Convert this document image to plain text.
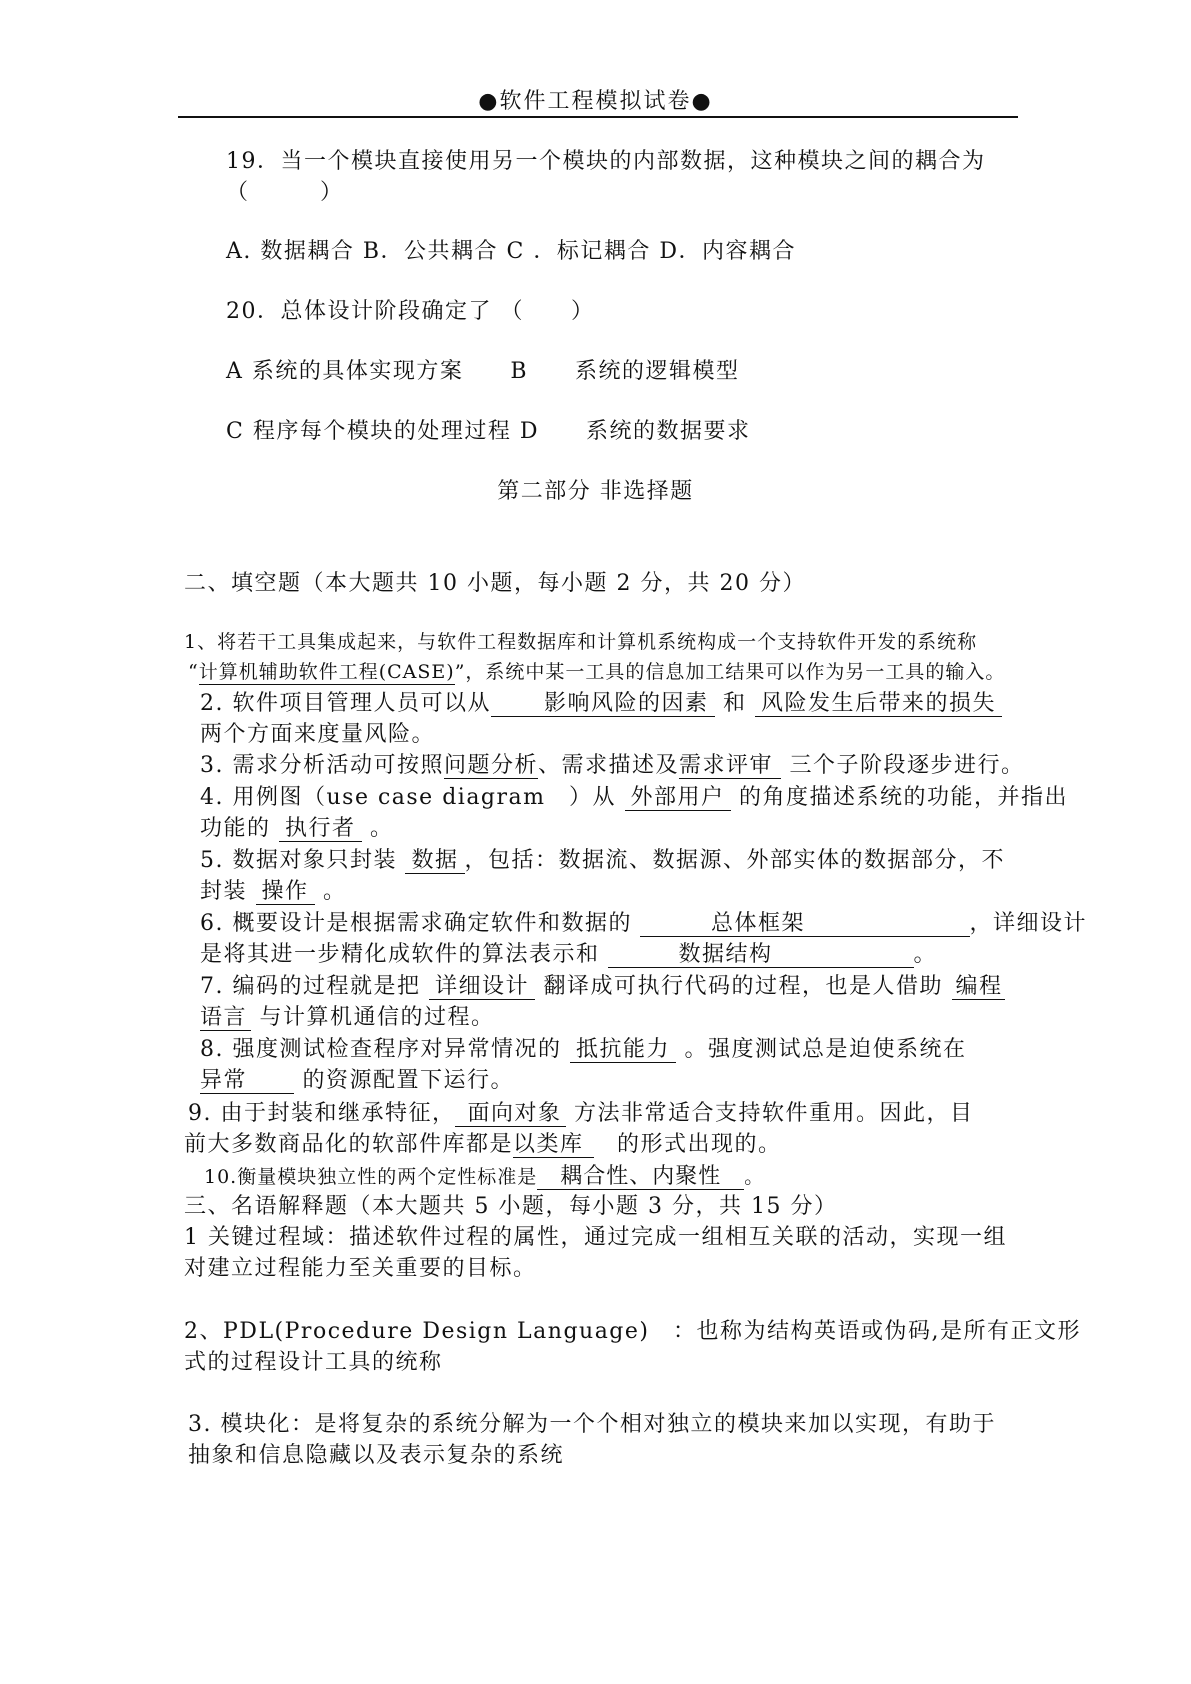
●软件工程模拟试卷●
19．当一个模块直接使用另一个模块的内部数据，这种模块之间的耦合为
（　　　）
A. 数据耦合 B．公共耦合 C ．标记耦合 D．内容耦合
20．总体设计阶段确定了 （　　）
A 系统的具体实现方案　　B　　系统的逻辑模型
C 程序每个模块的处理过程 D　　系统的数据要求
第二部分 非选择题
二、填空题（本大题共 10 小题，每小题 2 分，共 20 分）
1、将若干工具集成起来，与软件工程数据库和计算机系统构成一个支持软件开发的系统称
“计算机辅助软件工程(CASE)”，系统中某一工具的信息加工结果可以作为另一工具的输入。
2. 软件项目管理人员可以从　　影响风险的因素 和 风险发生后带来的损失
两个方面来度量风险。
3. 需求分析活动可按照问题分析、需求描述及需求评审 三个子阶段逐步进行。
4. 用例图（use case diagram　）从 外部用户 的角度描述系统的功能，并指出
功能的 执行者 。
5. 数据对象只封装 数据 ，包括：数据流、数据源、外部实体的数据部分，不
封装 操作 。
6. 概要设计是根据需求确定软件和数据的 　　　总体框架　　　　　　　，详细设计
是将其进一步精化成软件的算法表示和 　　　数据结构　　　　　　。
7. 编码的过程就是把 详细设计 翻译成可执行代码的过程，也是人借助 编程
语言 与计算机通信的过程。
8. 强度测试检查程序对异常情况的 抵抗能力 。强度测试总是迫使系统在
异常　　 的资源配置下运行。
9. 由于封装和继承特征， 面向对象 方法非常适合支持软件重用。因此，目
前大多数商品化的软部件库都是以类库　的形式出现的。
10.衡量模块独立性的两个定性标准是　耦合性、内聚性　。
三、名语解释题（本大题共 5 小题，每小题 3 分，共 15 分）
1 关键过程域：描述软件过程的属性，通过完成一组相互关联的活动，实现一组
对建立过程能力至关重要的目标。
2、PDL(Procedure Design Language)　：也称为结构英语或伪码,是所有正文形
式的过程设计工具的统称
3. 模块化：是将复杂的系统分解为一个个相对独立的模块来加以实现，有助于
抽象和信息隐藏以及表示复杂的系统
